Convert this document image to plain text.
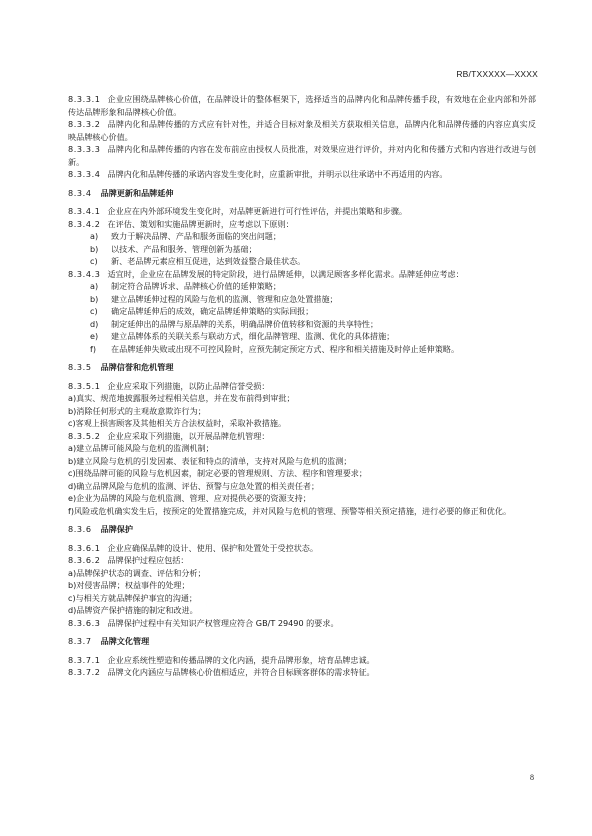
RB/TXXXXX—XXXX

8.3.3.1 企业应围绕品牌核心价值，在品牌设计的整体框架下，选择适当的品牌内化和品牌传播手段，有效地在企业内部和外部传达品牌形象和品牌核心价值。

8.3.3.2 品牌内化和品牌传播的方式应有针对性，并适合目标对象及相关方获取相关信息，品牌内化和品牌传播的内容应真实反映品牌核心价值。

8.3.3.3 品牌内化和品牌传播的内容在发布前应由授权人员批准，对效果应进行评价，并对内化和传播方式和内容进行改进与创新。

8.3.3.4 品牌内化和品牌传播的承诺内容发生变化时，应重新审批，并明示以往承诺中不再适用的内容。

8.3.4 品牌更新和品牌延伸

8.3.4.1 企业应在内外部环境发生变化时，对品牌更新进行可行性评估，并提出策略和步骤。

8.3.4.2 在评估、策划和实施品牌更新时，应考虑以下原则：

a)	致力于解决品牌、产品和服务面临的突出问题；
b)	以技术、产品和服务、管理创新为基础；
c)	新、老品牌元素应相互促进，达到效益整合最佳状态。

8.3.4.3 适宜时，企业应在品牌发展的特定阶段，进行品牌延伸，以满足顾客多样化需求。品牌延伸应考虑：

a)	制定符合品牌诉求、品牌核心价值的延伸策略；
b)	建立品牌延伸过程的风险与危机的监测、管理和应急处置措施；
c)	确定品牌延伸后的成效，确定品牌延伸策略的实际回报；
d)	制定延伸出的品牌与原品牌的关系，明确品牌价值转移和资源的共享特性；
e)	建立品牌体系的关联关系与联动方式，细化品牌管理、监测、优化的具体措施；
f)	在品牌延伸失败或出现不可控风险时，应预先制定预定方式、程序和相关措施及时停止延伸策略。

8.3.5 品牌信誉和危机管理

8.3.5.1 企业应采取下列措施，以防止品牌信誉受损：

a)真实、规范地披露服务过程相关信息，并在发布前得到审批；

b)消除任何形式的主观故意欺诈行为；

c)客观上损害顾客及其他相关方合法权益时，采取补救措施。

8.3.5.2 企业应采取下列措施，以开展品牌危机管理：

a)建立品牌可能风险与危机的监测机制；

b)建立风险与危机的引发因素、表征和特点的清单，支持对风险与危机的监测；

c)围绕品牌可能的风险与危机因素，制定必要的管理规则、方法、程序和管理要求；

d)确立品牌风险与危机的监测、评估、预警与应急处置的相关责任者；

e)企业为品牌的风险与危机监测、管理、应对提供必要的资源支持；

f)风险或危机确实发生后，按预定的处置措施完成，并对风险与危机的管理、预警等相关预定措施，进行必要的修正和优化。

8.3.6 品牌保护

8.3.6.1 企业应确保品牌的设计、使用、保护和处置处于受控状态。

8.3.6.2 品牌保护过程应包括：

a)品牌保护状态的调查、评估和分析；

b)对侵害品牌；权益事件的处理；

c)与相关方就品牌保护事宜的沟通；

d)品牌资产保护措施的制定和改进。

8.3.6.3 品牌保护过程中有关知识产权管理应符合 GB/T 29490 的要求。

8.3.7 品牌文化管理

8.3.7.1 企业应系统性塑造和传播品牌的文化内涵，提升品牌形象，培育品牌忠诚。

8.3.7.2 品牌文化内涵应与品牌核心价值相适应，并符合目标顾客群体的需求特征。

8
